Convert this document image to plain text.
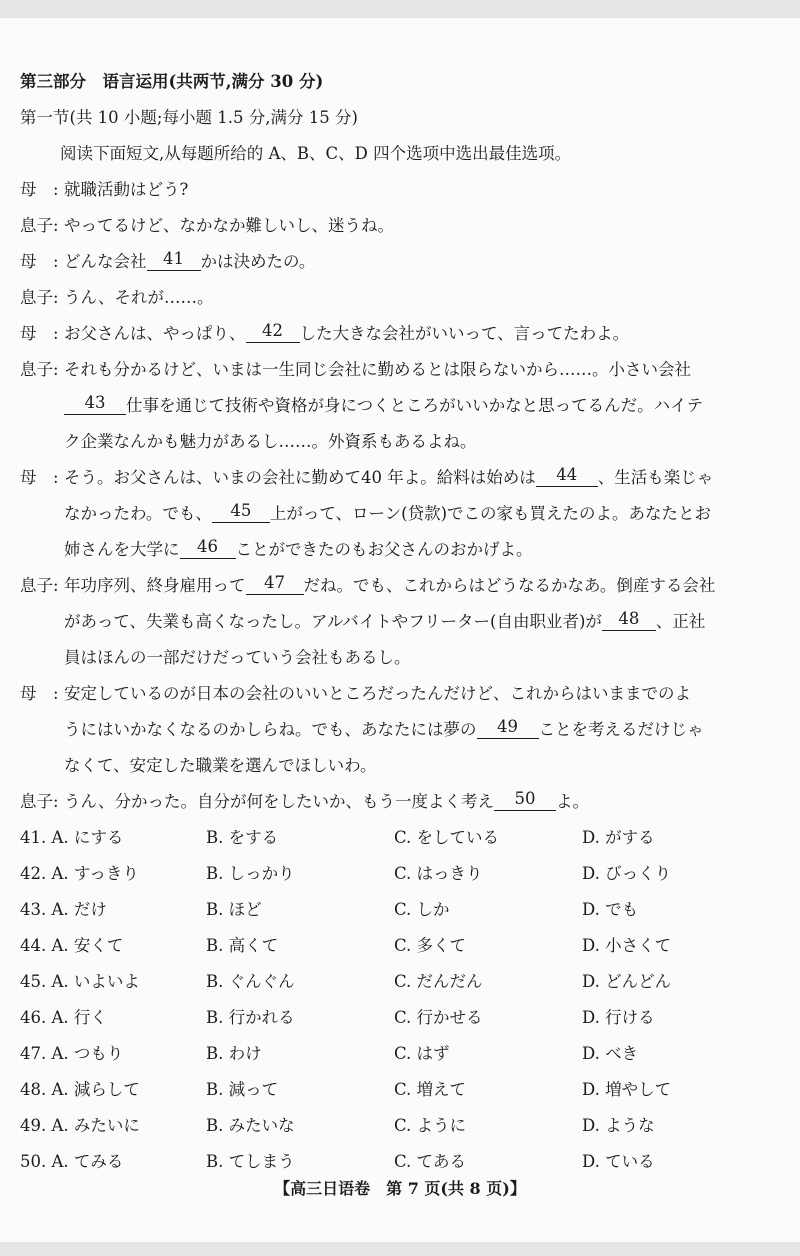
第三部分　语言运用(共两节,满分 30 分)
第一节(共 10 小题;每小题 1.5 分,满分 15 分)
阅读下面短文,从每题所给的 A、B、C、D 四个选项中选出最佳选项。
母　: 就職活動はどう?
息子: やってるけど、なかなか難しいし、迷うね。
母　: どんな会社 41 かは決めたの。
息子: うん、それが……。
母　: お父さんは、やっぱり、 42 した大きな会社がいいって、言ってたわよ。
息子: それも分かるけど、いまは一生同じ会社に勤めるとは限らないから……。小さい会社
43 仕事を通じて技術や資格が身につくところがいいかなと思ってるんだ。ハイテ
ク企業なんかも魅力があるし……。外資系もあるよね。
母　: そう。お父さんは、いまの会社に勤めて40 年よ。給料は始めは 44 、生活も楽じゃ
なかったわ。でも、 45 上がって、ローン(贷款)でこの家も買えたのよ。あなたとお
姉さんを大学に 46 ことができたのもお父さんのおかげよ。
息子: 年功序列、終身雇用って 47 だね。でも、これからはどうなるかなあ。倒産する会社
があって、失業も高くなったし。アルバイトやフリーター(自由职业者)が 48 、正社
員はほんの一部だけだっていう会社もあるし。
母　: 安定しているのが日本の会社のいいところだったんだけど、これからはいままでのよ
うにはいかなくなるのかしらね。でも、あなたには夢の 49 ことを考えるだけじゃ
なくて、安定した職業を選んでほしいわ。
息子: うん、分かった。自分が何をしたいか、もう一度よく考え 50 よ。
41. A. にする	B. をする	C. をしている	D. がする
42. A. すっきり	B. しっかり	C. はっきり	D. びっくり
43. A. だけ	B. ほど	C. しか	D. でも
44. A. 安くて	B. 高くて	C. 多くて	D. 小さくて
45. A. いよいよ	B. ぐんぐん	C. だんだん	D. どんどん
46. A. 行く	B. 行かれる	C. 行かせる	D. 行ける
47. A. つもり	B. わけ	C. はず	D. べき
48. A. 減らして	B. 減って	C. 増えて	D. 増やして
49. A. みたいに	B. みたいな	C. ように	D. ような
50. A. てみる	B. てしまう	C. てある	D. ている
【高三日语卷　第 7 页(共 8 页)】
